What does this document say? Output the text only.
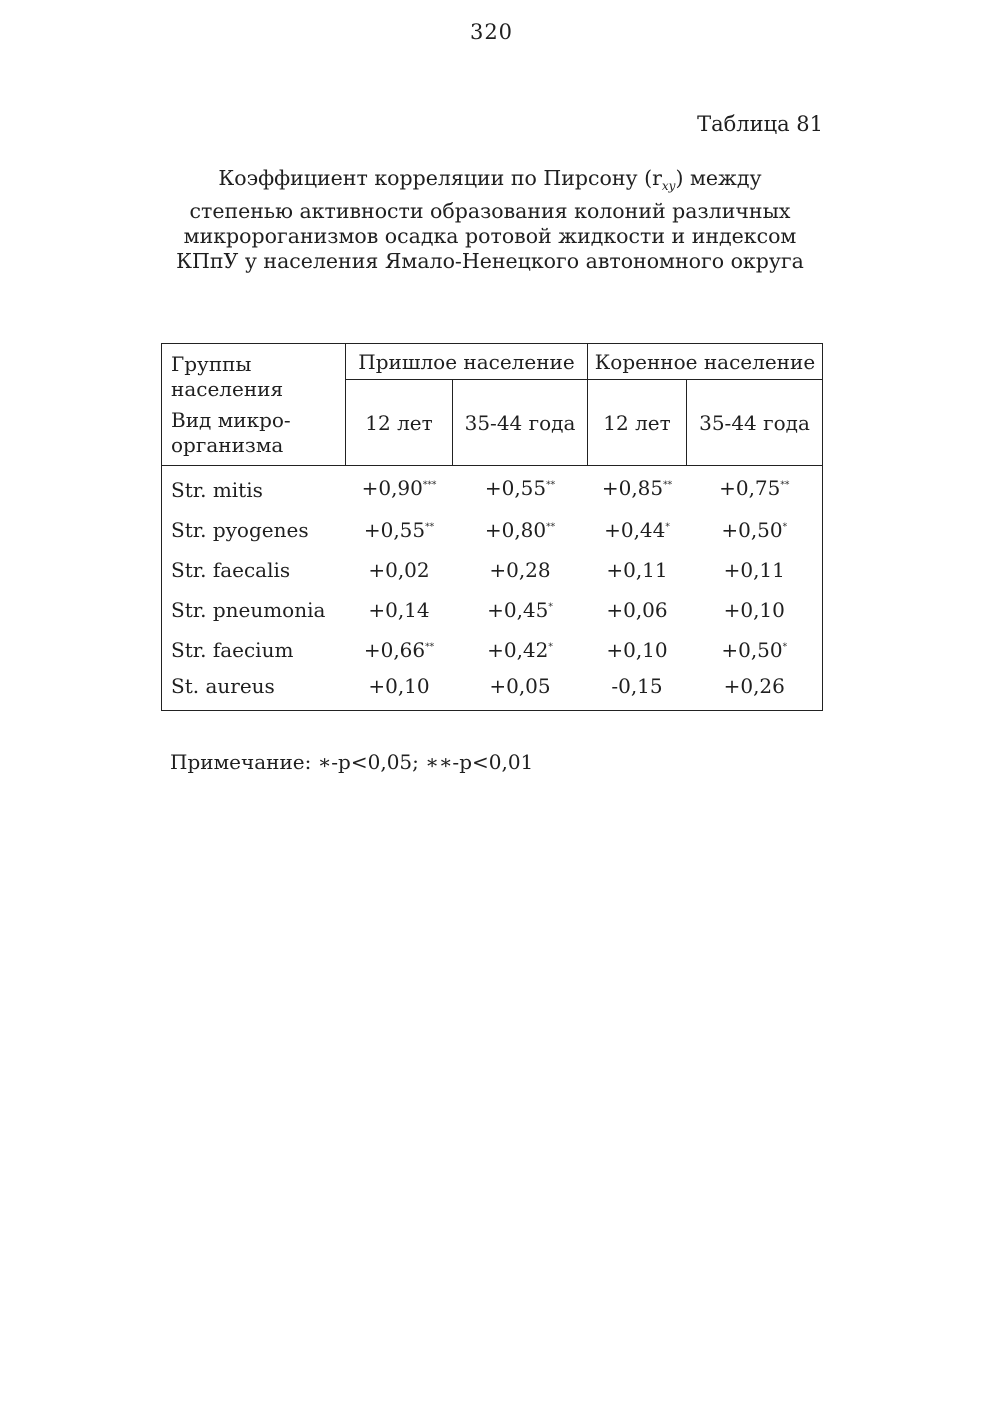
320
Таблица 81
Коэффициент корреляции по Пирсону $(r_{xy})$ между
степенью активности образования колоний различных
микророганизмов осадка ротовой жидкости и индексом
КПпУ у населения Ямало-Ненецкого автономного округа
Группы
населения
Вид микро-
организма	Пришлое население		Коренное население	
	12 лет	35-44 года	12 лет	35-44 года
Str. mitis	+0,90***	+0,55**	+0,85**	+0,75**
Str. pyogenes	+0,55**	+0,80**	+0,44*	+0,50*
Str. faecalis	+0,02	+0,28	+0,11	+0,11
Str. pneumonia	+0,14	+0,45*	+0,06	+0,10
Str. faecium	+0,66**	+0,42*	+0,10	+0,50*
St. aureus	+0,10	+0,05	-0,15	+0,26
Примечание: ∗-p<0,05; ∗∗-p<0,01
